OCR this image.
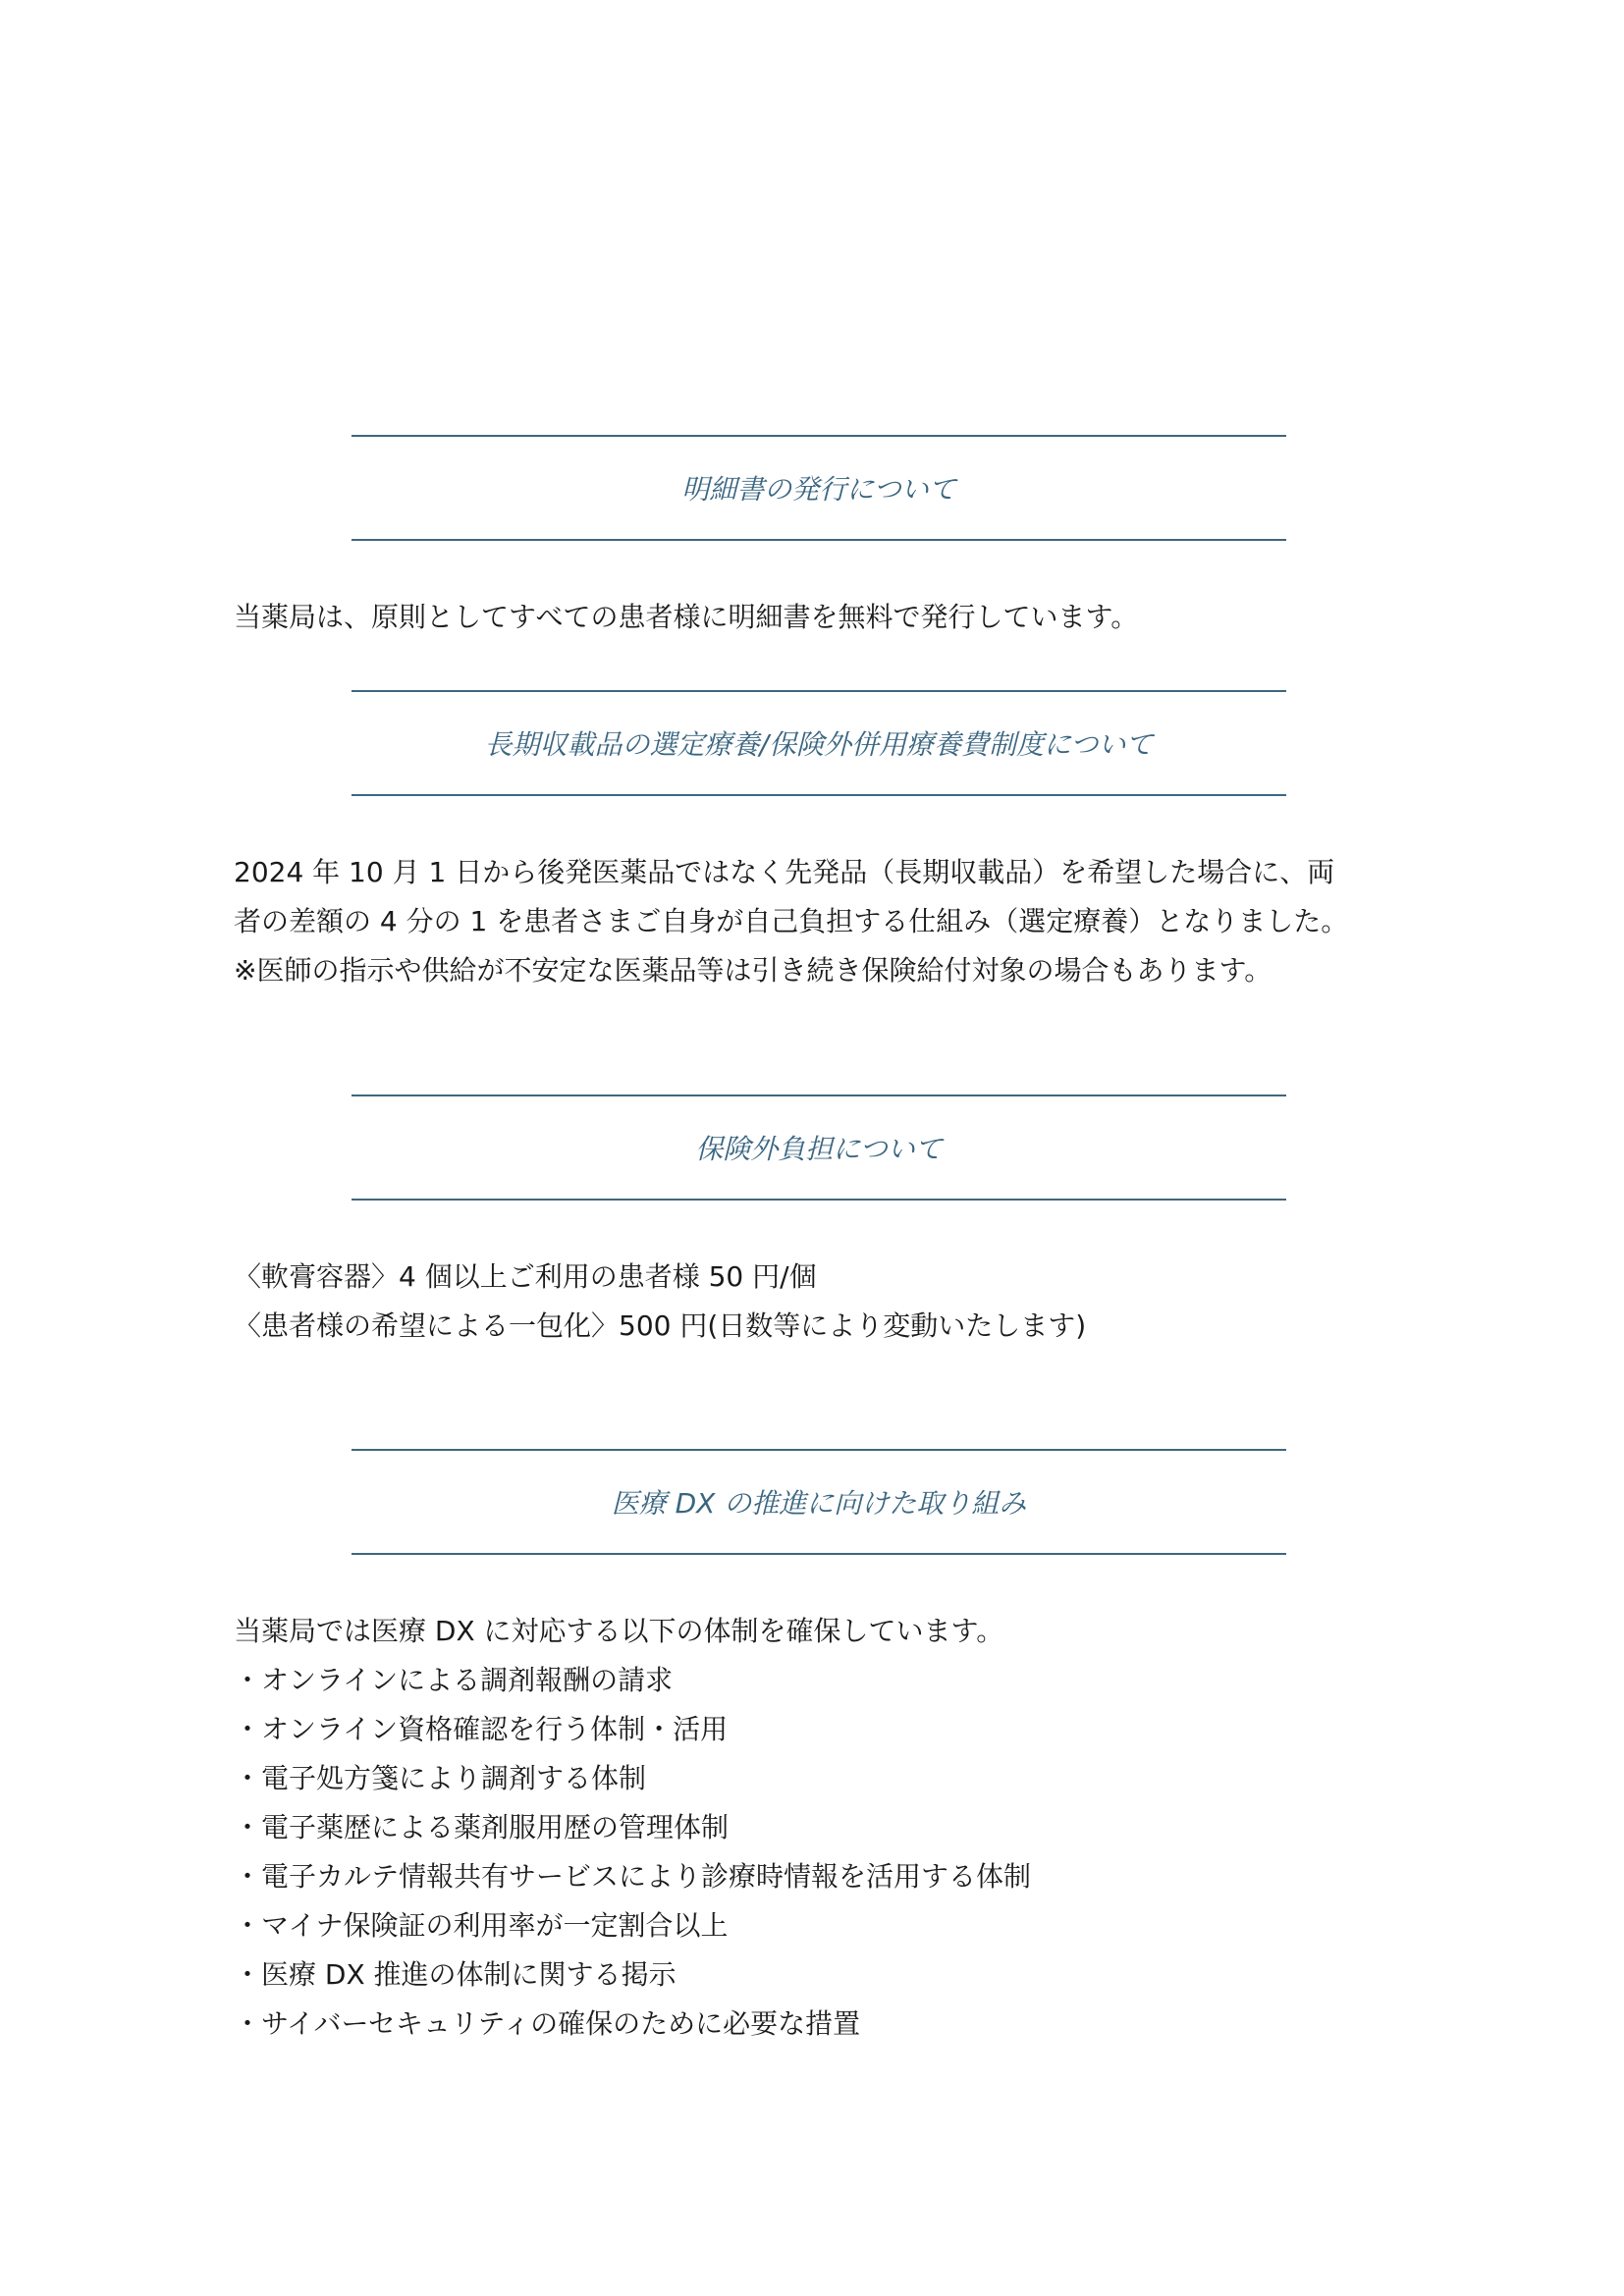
明細書の発行について
当薬局は、原則としてすべての患者様に明細書を無料で発行しています。
長期収載品の選定療養/保険外併用療養費制度について
2024 年 10 月 1 日から後発医薬品ではなく先発品（長期収載品）を希望した場合に、両
者の差額の 4 分の 1 を患者さまご自身が自己負担する仕組み（選定療養）となりました。
※医師の指示や供給が不安定な医薬品等は引き続き保険給付対象の場合もあります。
保険外負担について
〈軟膏容器〉4 個以上ご利用の患者様 50 円/個
〈患者様の希望による一包化〉500 円(日数等により変動いたします)
医療 DX の推進に向けた取り組み
当薬局では医療 DX に対応する以下の体制を確保しています。
・オンラインによる調剤報酬の請求
・オンライン資格確認を行う体制・活用
・電子処方箋により調剤する体制
・電子薬歴による薬剤服用歴の管理体制
・電子カルテ情報共有サービスにより診療時情報を活用する体制
・マイナ保険証の利用率が一定割合以上
・医療 DX 推進の体制に関する掲示
・サイバーセキュリティの確保のために必要な措置
